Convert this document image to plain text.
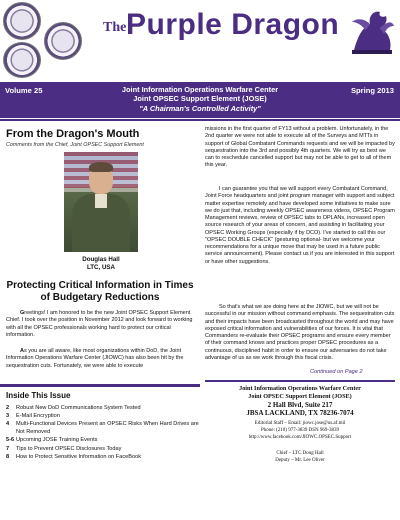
The Purple Dragon
Volume 25	Joint Information Operations Warfare Center
Joint OPSEC Support Element (JOSE)
"A Chairman's Controlled Activity"
Spring 2013
From the Dragon's Mouth
Comments from the Chief, Joint OPSEC Support Element
Douglas Hall
LTC, USA
Protecting Critical Information in Times of Budgetary Reductions

Greetings! I am honored to be the new Joint OPSEC Support Element Chief. I took over the position in November 2012 and look forward to working with all the OPSEC professionals working hard to protect our critical information.

As you are all aware, like most organizations within DoD, the Joint Information Operations Warfare Center (JIOWC) has also been hit by the sequestration cuts. Fortunately, we were able to execute

Inside This Issue
2	Robust New DoD Communications System Tested
3	E-Mail Encryption
4	Multi-Functional Devices Present an OPSEC Risks When Hard Drives are Not Removed
5-6 Upcoming JOSE Training Events
7	Tips to Prevent OPSEC Disclosures Today
8	How to Protect Sensitive Information on FaceBook

missions in the first quarter of FY13 without a problem. Unfortunately, in the 2nd quarter we were not able to execute all of the Surveys and MTTs in support of Global Combatant Commands requests and we will be impacted by sequestration into the 3rd and possibly 4th quarters. We will try as best we can to reschedule cancelled support but may not be able to get to all of them this year.

I can guarantee you that we will support every Combatant Command, Joint Force headquarters and joint program manager with support and subject matter expertise remotely and have developed some initiatives to make sure we do just that, including weekly OPSEC awareness videos, OPSEC Program Management reviews, review of OPSEC tabs to OPLANs, increased open source research of your areas of concern, and assisting in facilitating your OPSEC Working Groups (especially if by DCO). I've started to call this our "OPSEC DOUBLE CHECK" (gesturing optional- but we welcome your recommendations for a unique move that may be used in a future public service announcement). Please contact us if you are interested in this support or have other suggestions.

So that's what we are doing here at the JIOWC, but we will not be successful in our mission without command emphasis. The sequestration cuts and their impacts have been broadcasted throughout the world and may have exposed critical information and vulnerabilities of our forces. It is vital that Commanders re-evaluate their OPSEC programs and ensure every member of their command knows and practices proper OPSEC procedures as a continuous, disciplined habit in order to ensure our adversaries do not take advantage of us as we work through this fiscal crisis.

Continued on Page 2
Joint Information Operations Warfare Center
Joint OPSEC Support Element (JOSE)
2 Hall Blvd, Suite 217
JBSA LACKLAND, TX 78236-7074
Editorial Staff – Email: jiowc.jose@us.af.mil
Phone: (210) 977-3839 DSN 969-3839
http://www.facebook.com/JIOWC.OPSEC.Support
Chief – LTC Doug Hall
Deputy – Mr. Lee Oliver
